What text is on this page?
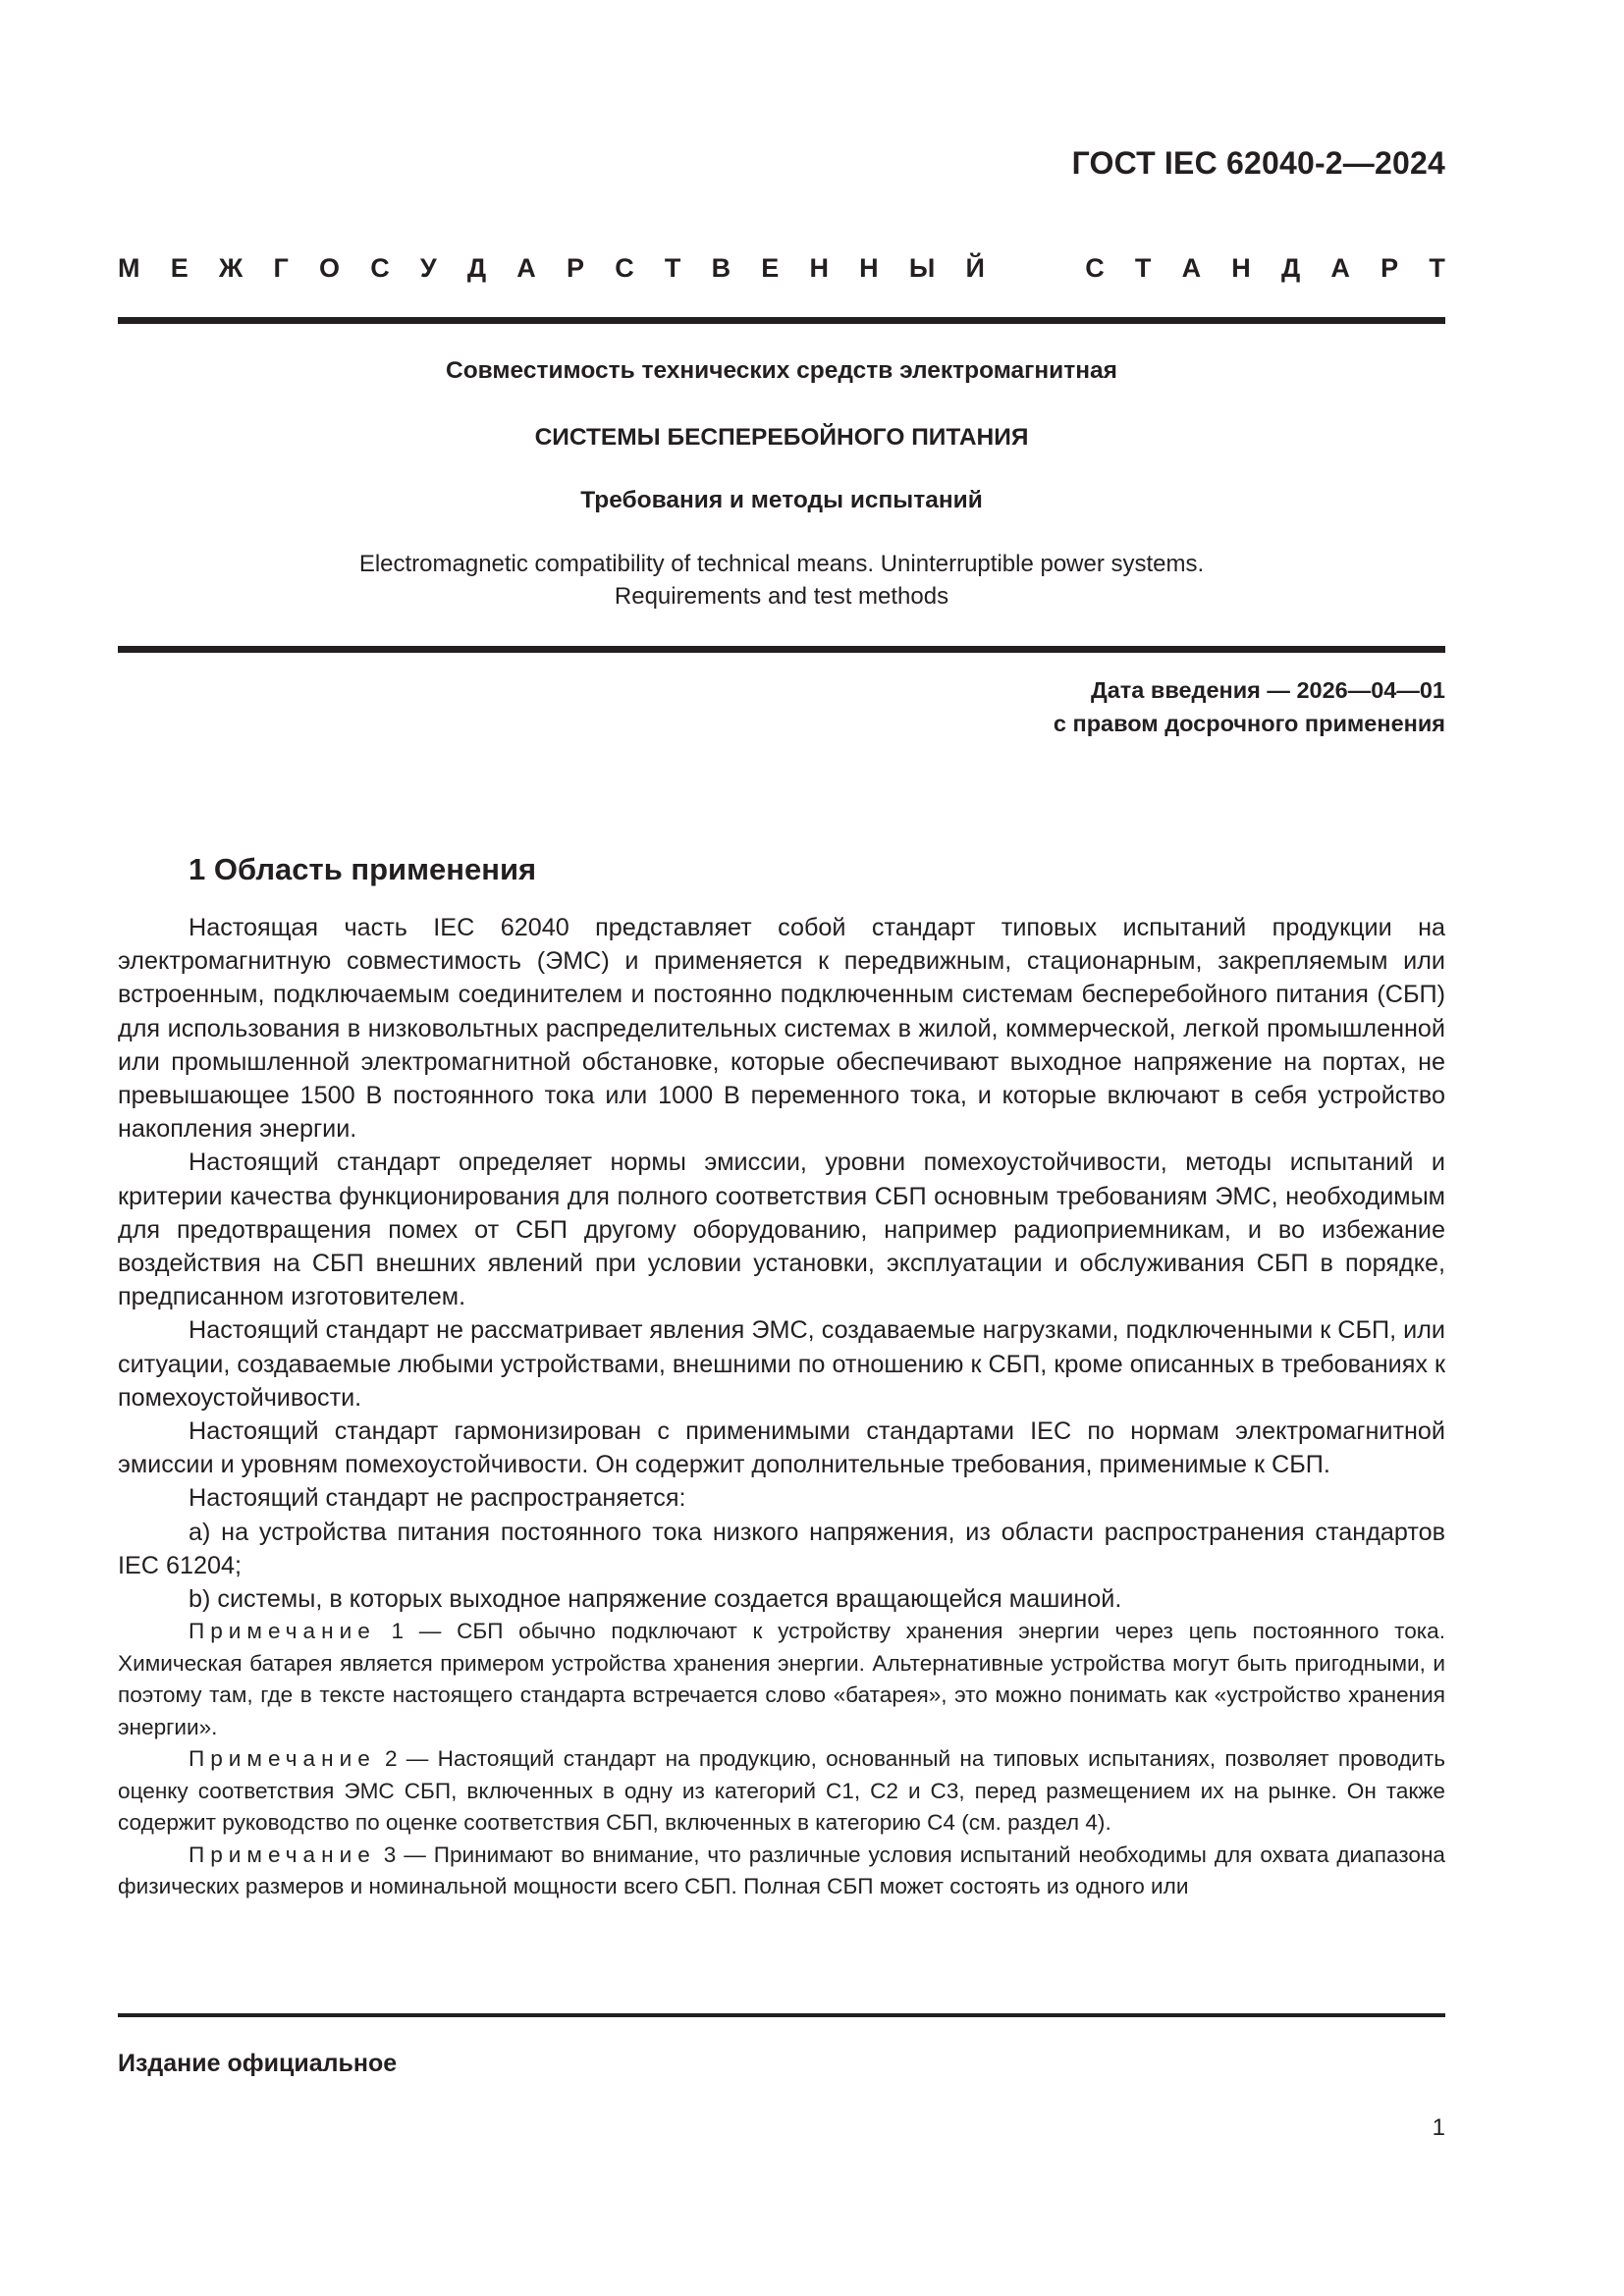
ГОСТ IEC 62040-2—2024
М Е Ж Г О С У Д А Р С Т В Е Н Н Ы Й	С Т А Н Д А Р Т
Совместимость технических средств электромагнитная
СИСТЕМЫ БЕСПЕРЕБОЙНОГО ПИТАНИЯ
Требования и методы испытаний
Electromagnetic compatibility of technical means. Uninterruptible power systems.
Requirements and test methods
Дата введения — 2026—04—01
с правом досрочного применения
1 Область применения

Настоящая часть IEC 62040 представляет собой стандарт типовых испытаний продукции на электромагнитную совместимость (ЭМС) и применяется к передвижным, стационарным, закрепляемым или встроенным, подключаемым соединителем и постоянно подключенным системам бесперебойного питания (СБП) для использования в низковольтных распределительных системах в жилой, коммерческой, легкой промышленной или промышленной электромагнитной обстановке, которые обеспечивают выходное напряжение на портах, не превышающее 1500 В постоянного тока или 1000 В переменного тока, и которые включают в себя устройство накопления энергии.

Настоящий стандарт определяет нормы эмиссии, уровни помехоустойчивости, методы испытаний и критерии качества функционирования для полного соответствия СБП основным требованиям ЭМС, необходимым для предотвращения помех от СБП другому оборудованию, например радиоприемникам, и во избежание воздействия на СБП внешних явлений при условии установки, эксплуатации и обслуживания СБП в порядке, предписанном изготовителем.

Настоящий стандарт не рассматривает явления ЭМС, создаваемые нагрузками, подключенными к СБП, или ситуации, создаваемые любыми устройствами, внешними по отношению к СБП, кроме описанных в требованиях к помехоустойчивости.

Настоящий стандарт гармонизирован с применимыми стандартами IEC по нормам электромагнитной эмиссии и уровням помехоустойчивости. Он содержит дополнительные требования, применимые к СБП.

Настоящий стандарт не распространяется:

а) на устройства питания постоянного тока низкого напряжения, из области распространения стандартов IEC 61204;

b) системы, в которых выходное напряжение создается вращающейся машиной.

Примечание 1 — СБП обычно подключают к устройству хранения энергии через цепь постоянного тока. Химическая батарея является примером устройства хранения энергии. Альтернативные устройства могут быть пригодными, и поэтому там, где в тексте настоящего стандарта встречается слово «батарея», это можно понимать как «устройство хранения энергии».

Примечание 2 — Настоящий стандарт на продукцию, основанный на типовых испытаниях, позволяет проводить оценку соответствия ЭМС СБП, включенных в одну из категорий С1, С2 и С3, перед размещением их на рынке. Он также содержит руководство по оценке соответствия СБП, включенных в категорию С4 (см. раздел 4).

Примечание 3 — Принимают во внимание, что различные условия испытаний необходимы для охвата диапазона физических размеров и номинальной мощности всего СБП. Полная СБП может состоять из одного или

Издание официальное
1
